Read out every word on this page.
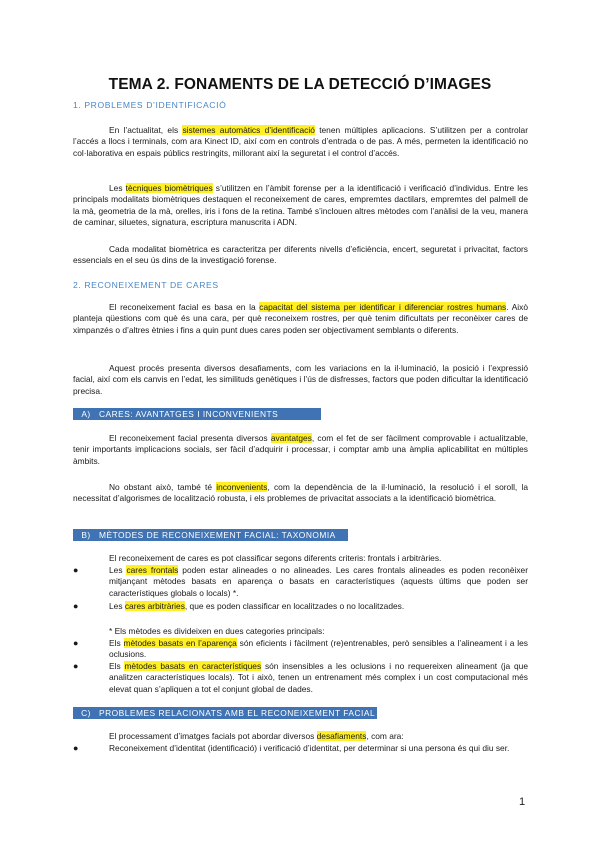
TEMA 2. FONAMENTS DE LA DETECCIÓ D’IMAGES
1. PROBLEMES D’IDENTIFICACIÓ
En l’actualitat, els sistemes automàtics d’identificació tenen múltiples aplicacions. S’utilitzen per a controlar l’accés a llocs i terminals, com ara Kinect ID, així com en controls d’entrada o de pas. A més, permeten la identificació no col·laborativa en espais públics restringits, millorant així la seguretat i el control d’accés.
Les tècniques biomètriques s’utilitzen en l’àmbit forense per a la identificació i verificació d’individus. Entre les principals modalitats biomètriques destaquen el reconeixement de cares, empremtes dactilars, empremtes del palmell de la mà, geometria de la mà, orelles, iris i fons de la retina. També s’inclouen altres mètodes com l’anàlisi de la veu, manera de caminar, siluetes, signatura, escriptura manuscrita i ADN.
Cada modalitat biomètrica es caracteritza per diferents nivells d’eficiència, encert, seguretat i privacitat, factors essencials en el seu ús dins de la investigació forense.
2. RECONEIXEMENT DE CARES
El reconeixement facial es basa en la capacitat del sistema per identificar i diferenciar rostres humans. Això planteja qüestions com què és una cara, per què reconeixem rostres, per què tenim dificultats per reconèixer cares de ximpanzés o d’altres ètnies i fins a quin punt dues cares poden ser objectivament semblants o diferents.
Aquest procés presenta diversos desafiaments, com les variacions en la il·luminació, la posició i l’expressió facial, així com els canvis en l’edat, les similituds genètiques i l’ús de disfresses, factors que poden dificultar la identificació precisa.
A) CARES: AVANTATGES I INCONVENIENTS
El reconeixement facial presenta diversos avantatges, com el fet de ser fàcilment comprovable i actualitzable, tenir importants implicacions socials, ser fàcil d’adquirir i processar, i comptar amb una àmplia aplicabilitat en múltiples àmbits.
No obstant això, també té inconvenients, com la dependència de la il·luminació, la resolució i el soroll, la necessitat d’algorismes de localització robusta, i els problemes de privacitat associats a la identificació biomètrica.
B) MÈTODES DE RECONEIXEMENT FACIAL: TAXONOMIA
El reconeixement de cares es pot classificar segons diferents criteris: frontals i arbitràries.
●	Les cares frontals poden estar alineades o no alineades. Les cares frontals alineades es poden reconèixer mitjançant mètodes basats en aparença o basats en característiques (aquests últims que poden ser característiques globals o locals) *.
●	Les cares arbitràries, que es poden classificar en localitzades o no localitzades.
* Els mètodes es divideixen en dues categories principals:
●	Els mètodes basats en l’aparença són eficients i fàcilment (re)entrenables, però sensibles a l’alineament i a les oclusions.
●	Els mètodes basats en característiques són insensibles a les oclusions i no requereixen alineament (ja que analitzen característiques locals). Tot i això, tenen un entrenament més complex i un cost computacional més elevat quan s’apliquen a tot el conjunt global de dades.
C) PROBLEMES RELACIONATS AMB EL RECONEIXEMENT FACIAL
El processament d’imatges facials pot abordar diversos desafiaments, com ara:
●	Reconeixement d’identitat (identificació) i verificació d’identitat, per determinar si una persona és qui diu ser.
1
